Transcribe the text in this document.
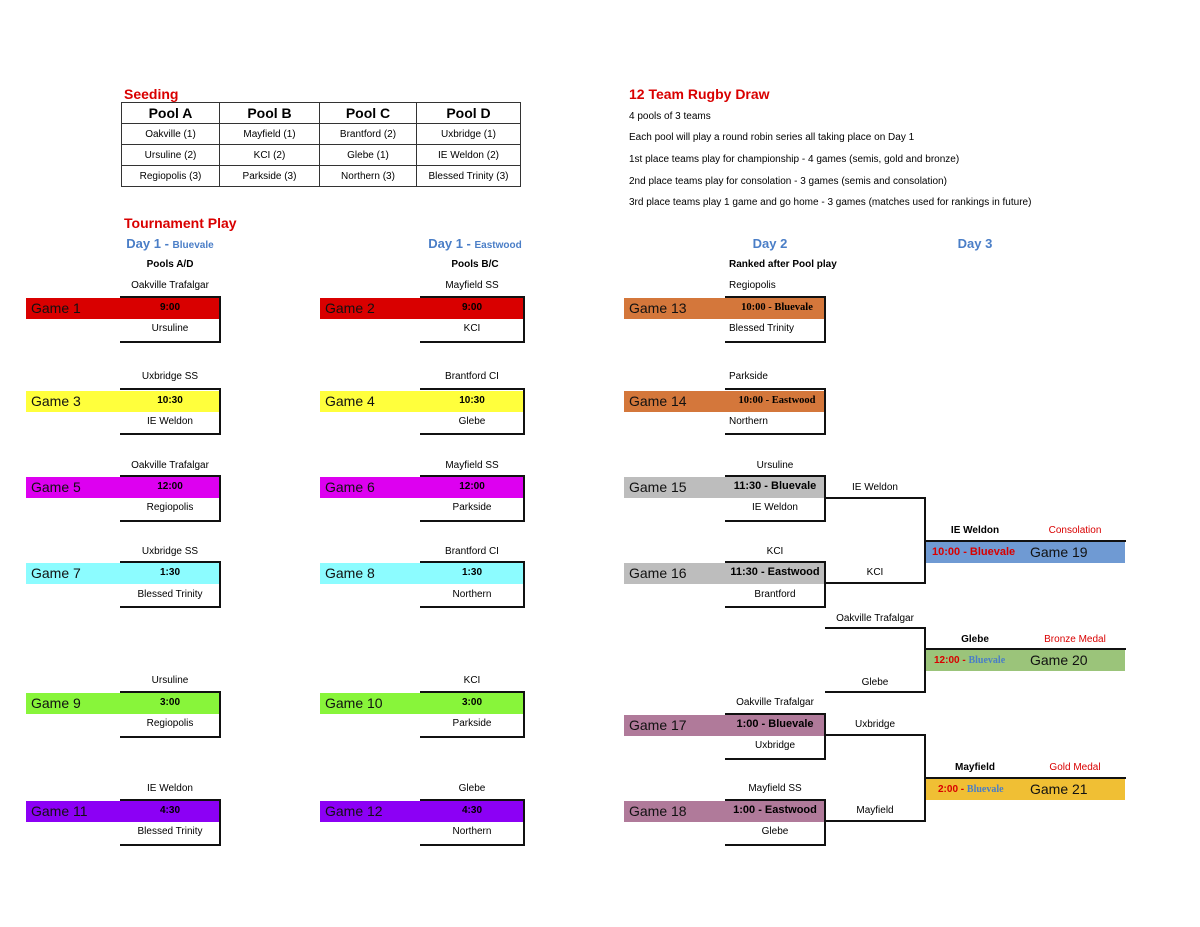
Seeding
Pool A	Pool B	Pool C	Pool D
Oakville (1)	Mayfield (1)	Brantford (2)	Uxbridge (1)
Ursuline (2)	KCI (2)	Glebe (1)	IE Weldon (2)
Regiopolis (3)	Parkside (3)	Northern (3)	Blessed Trinity (3)
12 Team Rugby Draw
4 pools of 3 teams
Each pool will play a round robin series all taking place on Day 1
1st place teams play for championship - 4 games (semis, gold and bronze)
2nd place teams play for consolation - 3 games (semis and consolation)
3rd place teams play 1 game and go home - 3 games (matches used for rankings in future)
Tournament Play
Day 1 - Bluevale
Pools A/D
Day 1 - Eastwood
Pools B/C
Day 2
Ranked after Pool play
Day 3
Oakville Trafalgar
Game 1	9:00
Ursuline
Mayfield SS
Game 2	9:00
KCI
Uxbridge SS
Game 3	10:30
IE Weldon
Brantford CI
Game 4	10:30
Glebe
Oakville Trafalgar
Game 5	12:00
Regiopolis
Mayfield SS
Game 6	12:00
Parkside
Uxbridge SS
Game 7	1:30
Blessed Trinity
Brantford CI
Game 8	1:30
Northern
Ursuline
Game 9	3:00
Regiopolis
KCI
Game 10	3:00
Parkside
IE Weldon
Game 11	4:30
Blessed Trinity
Glebe
Game 12	4:30
Northern
Regiopolis
Game 13	10:00 - Bluevale
Blessed Trinity
Parkside
Game 14	10:00 - Eastwood
Northern
Ursuline
Game 15	11:30 - Bluevale
IE Weldon
KCI
Game 16	11:30 - Eastwood
Brantford
Oakville Trafalgar
Game 17	1:00 - Bluevale
Uxbridge
Mayfield SS
Game 18	1:00 - Eastwood
Glebe
IE Weldon
KCI
IE Weldon	Consolation
10:00 - Bluevale Game 19
Oakville Trafalgar
Glebe
Glebe	Bronze Medal
12:00 - Bluevale Game 20
Uxbridge
Mayfield
Mayfield	Gold Medal
2:00 - Bluevale Game 21
